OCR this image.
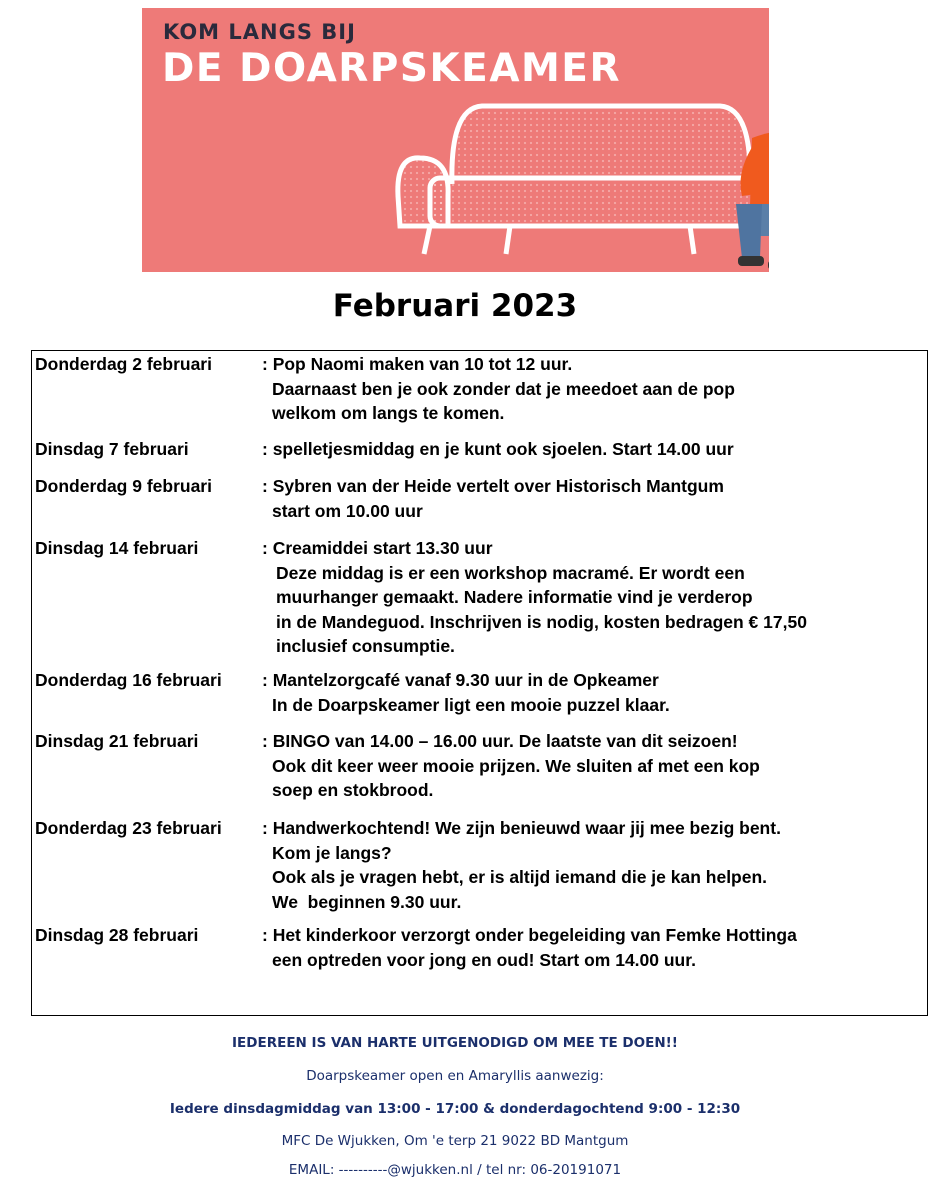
KOM LANGS BIJ
DE DOARPSKEAMER
Februari 2023
Donderdag 2 februari	: Pop Naomi maken van 10 tot 12 uur.
Daarnaast ben je ook zonder dat je meedoet aan de pop
welkom om langs te komen.
Dinsdag 7 februari	: spelletjesmiddag en je kunt ook sjoelen. Start 14.00 uur
Donderdag 9 februari	: Sybren van der Heide vertelt over Historisch Mantgum
start om 10.00 uur
Dinsdag 14 februari	: Creamiddei start 13.30 uur
Deze middag is er een workshop macramé. Er wordt een
muurhanger gemaakt. Nadere informatie vind je verderop
in de Mandeguod. Inschrijven is nodig, kosten bedragen € 17,50
inclusief consumptie.
Donderdag 16 februari : Mantelzorgcafé vanaf 9.30 uur in de Opkeamer
In de Doarpskeamer ligt een mooie puzzel klaar.
Dinsdag 21 februari	: BINGO van 14.00 – 16.00 uur. De laatste van dit seizoen!
Ook dit keer weer mooie prijzen. We sluiten af met een kop
soep en stokbrood.
Donderdag 23 februari : Handwerkochtend! We zijn benieuwd waar jij mee bezig bent.
Kom je langs?
Ook als je vragen hebt, er is altijd iemand die je kan helpen.
We  beginnen 9.30 uur.
Dinsdag 28 februari	: Het kinderkoor verzorgt onder begeleiding van Femke Hottinga
een optreden voor jong en oud! Start om 14.00 uur.
IEDEREEN IS VAN HARTE UITGENODIGD OM MEE TE DOEN!!
Doarpskeamer open en Amaryllis aanwezig:
Iedere dinsdagmiddag van 13:00 - 17:00 & donderdagochtend 9:00 - 12:30
MFC De Wjukken, Om 'e terp 21 9022 BD Mantgum
EMAIL: ----------@wjukken.nl / tel nr: 06-20191071
